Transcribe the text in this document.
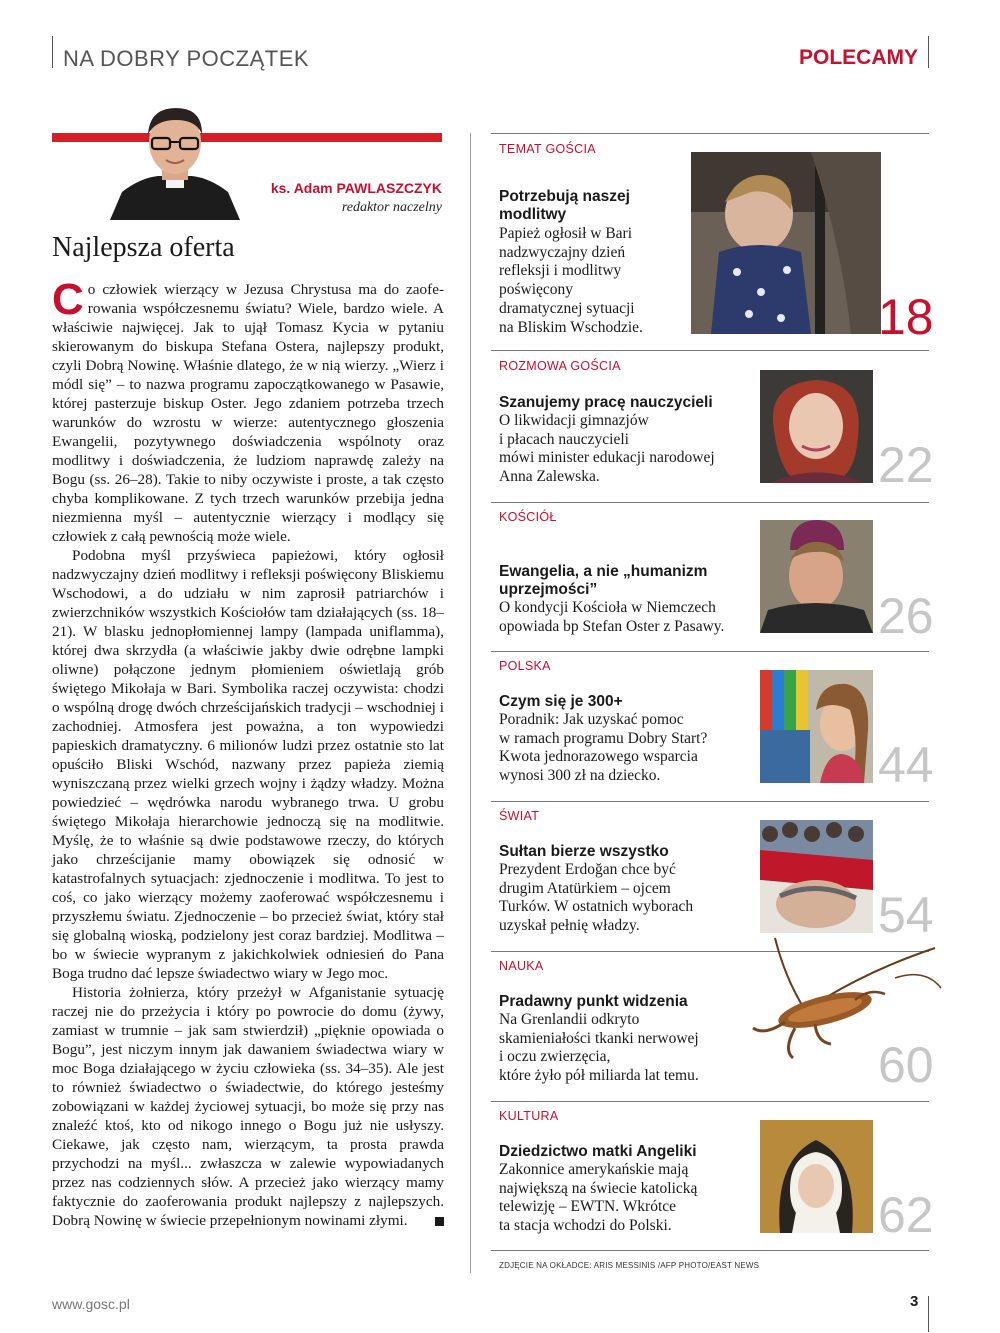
NA DOBRY POCZĄTEK	POLECAMY
ks. Adam PAWLASZCZYK
redaktor naczelny
Najlepsza oferta

Co człowiek wierzący w Jezusa Chrystusa ma do zaoferowania współczesnemu światu? Wiele, bardzo wiele. A właściwie najwięcej. Jak to ujął Tomasz Kycia w pytaniu skierowanym do biskupa Stefana Ostera, najlepszy produkt, czyli Dobrą Nowinę. Właśnie dlatego, że w nią wierzy. „Wierz i módl się” – to nazwa programu zapoczątkowanego w Pasawie, której pasterzuje biskup Oster. Jego zdaniem potrzeba trzech warunków do wzrostu w wierze: autentycznego głoszenia Ewangelii, pozytywnego doświadczenia wspólnoty oraz modlitwy i doświadczenia, że ludziom naprawdę zależy na Bogu (ss. 26–28). Takie to niby oczywiste i proste, a tak często chyba komplikowane. Z tych trzech warunków przebija jedna niezmienna myśl – autentycznie wierzący i modlący się człowiek z całą pewnością może wiele.

Podobna myśl przyświeca papieżowi, który ogłosił nadzwyczajny dzień modlitwy i refleksji poświęcony Bliskiemu Wschodowi, a do udziału w nim zaprosił patriarchów i zwierzchników wszystkich Kościołów tam działających (ss. 18–21). W blasku jednopłomiennej lampy (lampada uniflamma), której dwa skrzydła (a właściwie jakby dwie odrębne lampki oliwne) połączone jednym płomieniem oświetlają grób świętego Mikołaja w Bari. Symbolika raczej oczywista: chodzi o wspólną drogę dwóch chrześcijańskich tradycji – wschodniej i zachodniej. Atmosfera jest poważna, a ton wypowiedzi papieskich dramatyczny. 6 milionów ludzi przez ostatnie sto lat opuściło Bliski Wschód, nazwany przez papieża ziemią wyniszczaną przez wielki grzech wojny i żądzy władzy. Można powiedzieć – wędrówka narodu wybranego trwa. U grobu świętego Mikołaja hierarchowie jednoczą się na modlitwie. Myślę, że to właśnie są dwie podstawowe rzeczy, do których jako chrześcijanie mamy obowiązek się odnosić w katastrofalnych sytuacjach: zjednoczenie i modlitwa. To jest to coś, co jako wierzący możemy zaoferować współczesnemu i przyszłemu światu. Zjednoczenie – bo przecież świat, który stał się globalną wioską, podzielony jest coraz bardziej. Modlitwa – bo w świecie wypranym z jakichkolwiek odniesień do Pana Boga trudno dać lepsze świadectwo wiary w Jego moc.

Historia żołnierza, który przeżył w Afganistanie sytuację raczej nie do przeżycia i który po powrocie do domu (żywy, zamiast w trumnie – jak sam stwierdził) „pięknie opowiada o Bogu”, jest niczym innym jak dawaniem świadectwa wiary w moc Boga działającego w życiu człowieka (ss. 34–35). Ale jest to również świadectwo o świadectwie, do którego jesteśmy zobowiązani w każdej życiowej sytuacji, bo może się przy nas znaleźć ktoś, kto od nikogo innego o Bogu już nie usłyszy. Ciekawe, jak często nam, wierzącym, ta prosta prawda przychodzi na myśl... zwłaszcza w zalewie wypowiadanych przez nas codziennych słów. A przecież jako wierzący mamy faktycznie do zaoferowania produkt najlepszy z najlepszych. Dobrą Nowinę w świecie przepełnionym nowinami złymi.

TEMAT GOŚCIA
18
Potrzebują naszej modlitwy
Papież ogłosił w Bari
nadzwyczajny dzień
refleksji i modlitwy
poświęcony
dramatycznej sytuacji
na Bliskim Wschodzie.
ROZMOWA GOŚCIA
22
Szanujemy pracę nauczycieli
O likwidacji gimnazjów
i płacach nauczycieli
mówi minister edukacji narodowej
Anna Zalewska.
KOŚCIÓŁ
26
Ewangelia, a nie „humanizm uprzejmości”
O kondycji Kościoła w Niemczech
opowiada bp Stefan Oster z Pasawy.
POLSKA
44
Czym się je 300+
Poradnik: Jak uzyskać pomoc
w ramach programu Dobry Start?
Kwota jednorazowego wsparcia
wynosi 300 zł na dziecko.
ŚWIAT
54
Sułtan bierze wszystko
Prezydent Erdoğan chce być
drugim Atatürkiem – ojcem
Turków. W ostatnich wyborach
uzyskał pełnię władzy.
NAUKA
60
Pradawny punkt widzenia
Na Grenlandii odkryto
skamieniałości tkanki nerwowej
i oczu zwierzęcia,
które żyło pół miliarda lat temu.
KULTURA
62
Dziedzictwo matki Angeliki
Zakonnice amerykańskie mają
największą na świecie katolicką
telewizję – EWTN. Wkrótce
ta stacja wchodzi do Polski.
ZDJĘCIE NA OKŁADCE: ARIS MESSINIS /AFP PHOTO/EAST NEWS
www.gosc.pl	3
